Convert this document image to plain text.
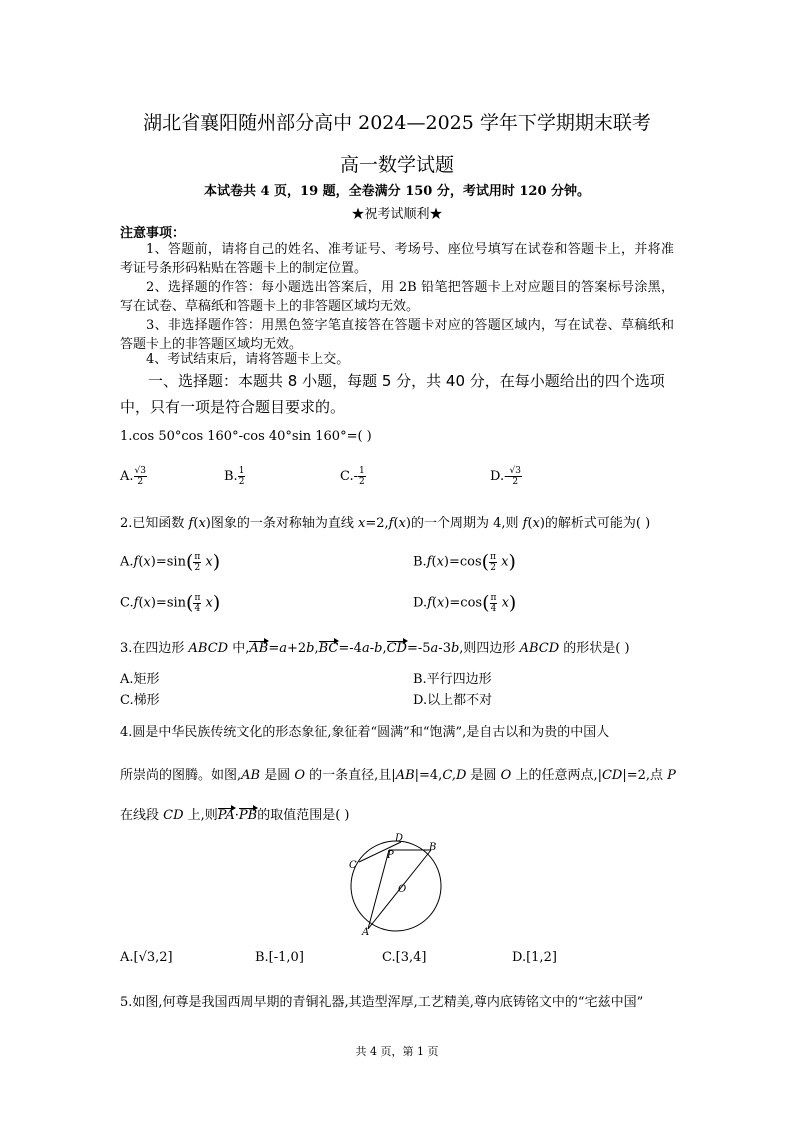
湖北省襄阳随州部分高中 2024—2025 学年下学期期末联考
高一数学试题
本试卷共 4 页，19 题，全卷满分 150 分，考试用时 120 分钟。
★祝考试顺利★
注意事项：
1、答题前，请将自己的姓名、准考证号、考场号、座位号填写在试卷和答题卡上，并将准考证号条形码粘贴在答题卡上的制定位置。
2、选择题的作答：每小题选出答案后，用 2B 铅笔把答题卡上对应题目的答案标号涂黑，写在试卷、草稿纸和答题卡上的非答题区域均无效。
3、非选择题作答：用黑色签字笔直接答在答题卡对应的答题区域内，写在试卷、草稿纸和答题卡上的非答题区域均无效。
4、考试结束后，请将答题卡上交。
一、选择题：本题共 8 小题，每题 5 分，共 40 分，在每小题给出的四个选项中，只有一项是符合题目要求的。
1.cos 50°cos 160°-cos 40°sin 160°=( )
A. $\frac{√3}{2}$	B. $\frac{1}{2}$	$C.- \frac{1}{2}$	$D.- \frac{√3}{2}$
2.已知函数 f(x)图象的一条对称轴为直线 x=2,f(x)的一个周期为 4,则 f(x)的解析式可能为( )
$A.f(x)=\sin( \frac{\pi}{2} x)$	$B.f(x)=\cos( \frac{\pi}{2} x)$
$C.f(x)=\sin( \frac{\pi}{4} x)$	$D.f(x)=\cos( \frac{\pi}{4} x)$
3.在四边形 ABCD 中,AB=a+2b,BC=-4a-b,CD=-5a-3b,则四边形 ABCD 的形状是( )
A.矩形	B.平行四边形
C.梯形	D.以上都不对
4.圆是中华民族传统文化的形态象征,象征着“圆满”和“饱满”,是自古以和为贵的中国人
所崇尚的图腾。如图,AB 是圆 O 的一条直径,且|AB|=4,C,D 是圆 O 上的任意两点,|CD|=2,点 P
在线段 CD 上,则PA·PB的取值范围是( )
D
B
C
P
O
A
A.[√3,2]	B.[-1,0]	C.[3,4]	D.[1,2]
5.如图,何尊是我国西周早期的青铜礼器,其造型浑厚,工艺精美,尊内底铸铭文中的“宅兹中国”
共 4 页，第 1 页
